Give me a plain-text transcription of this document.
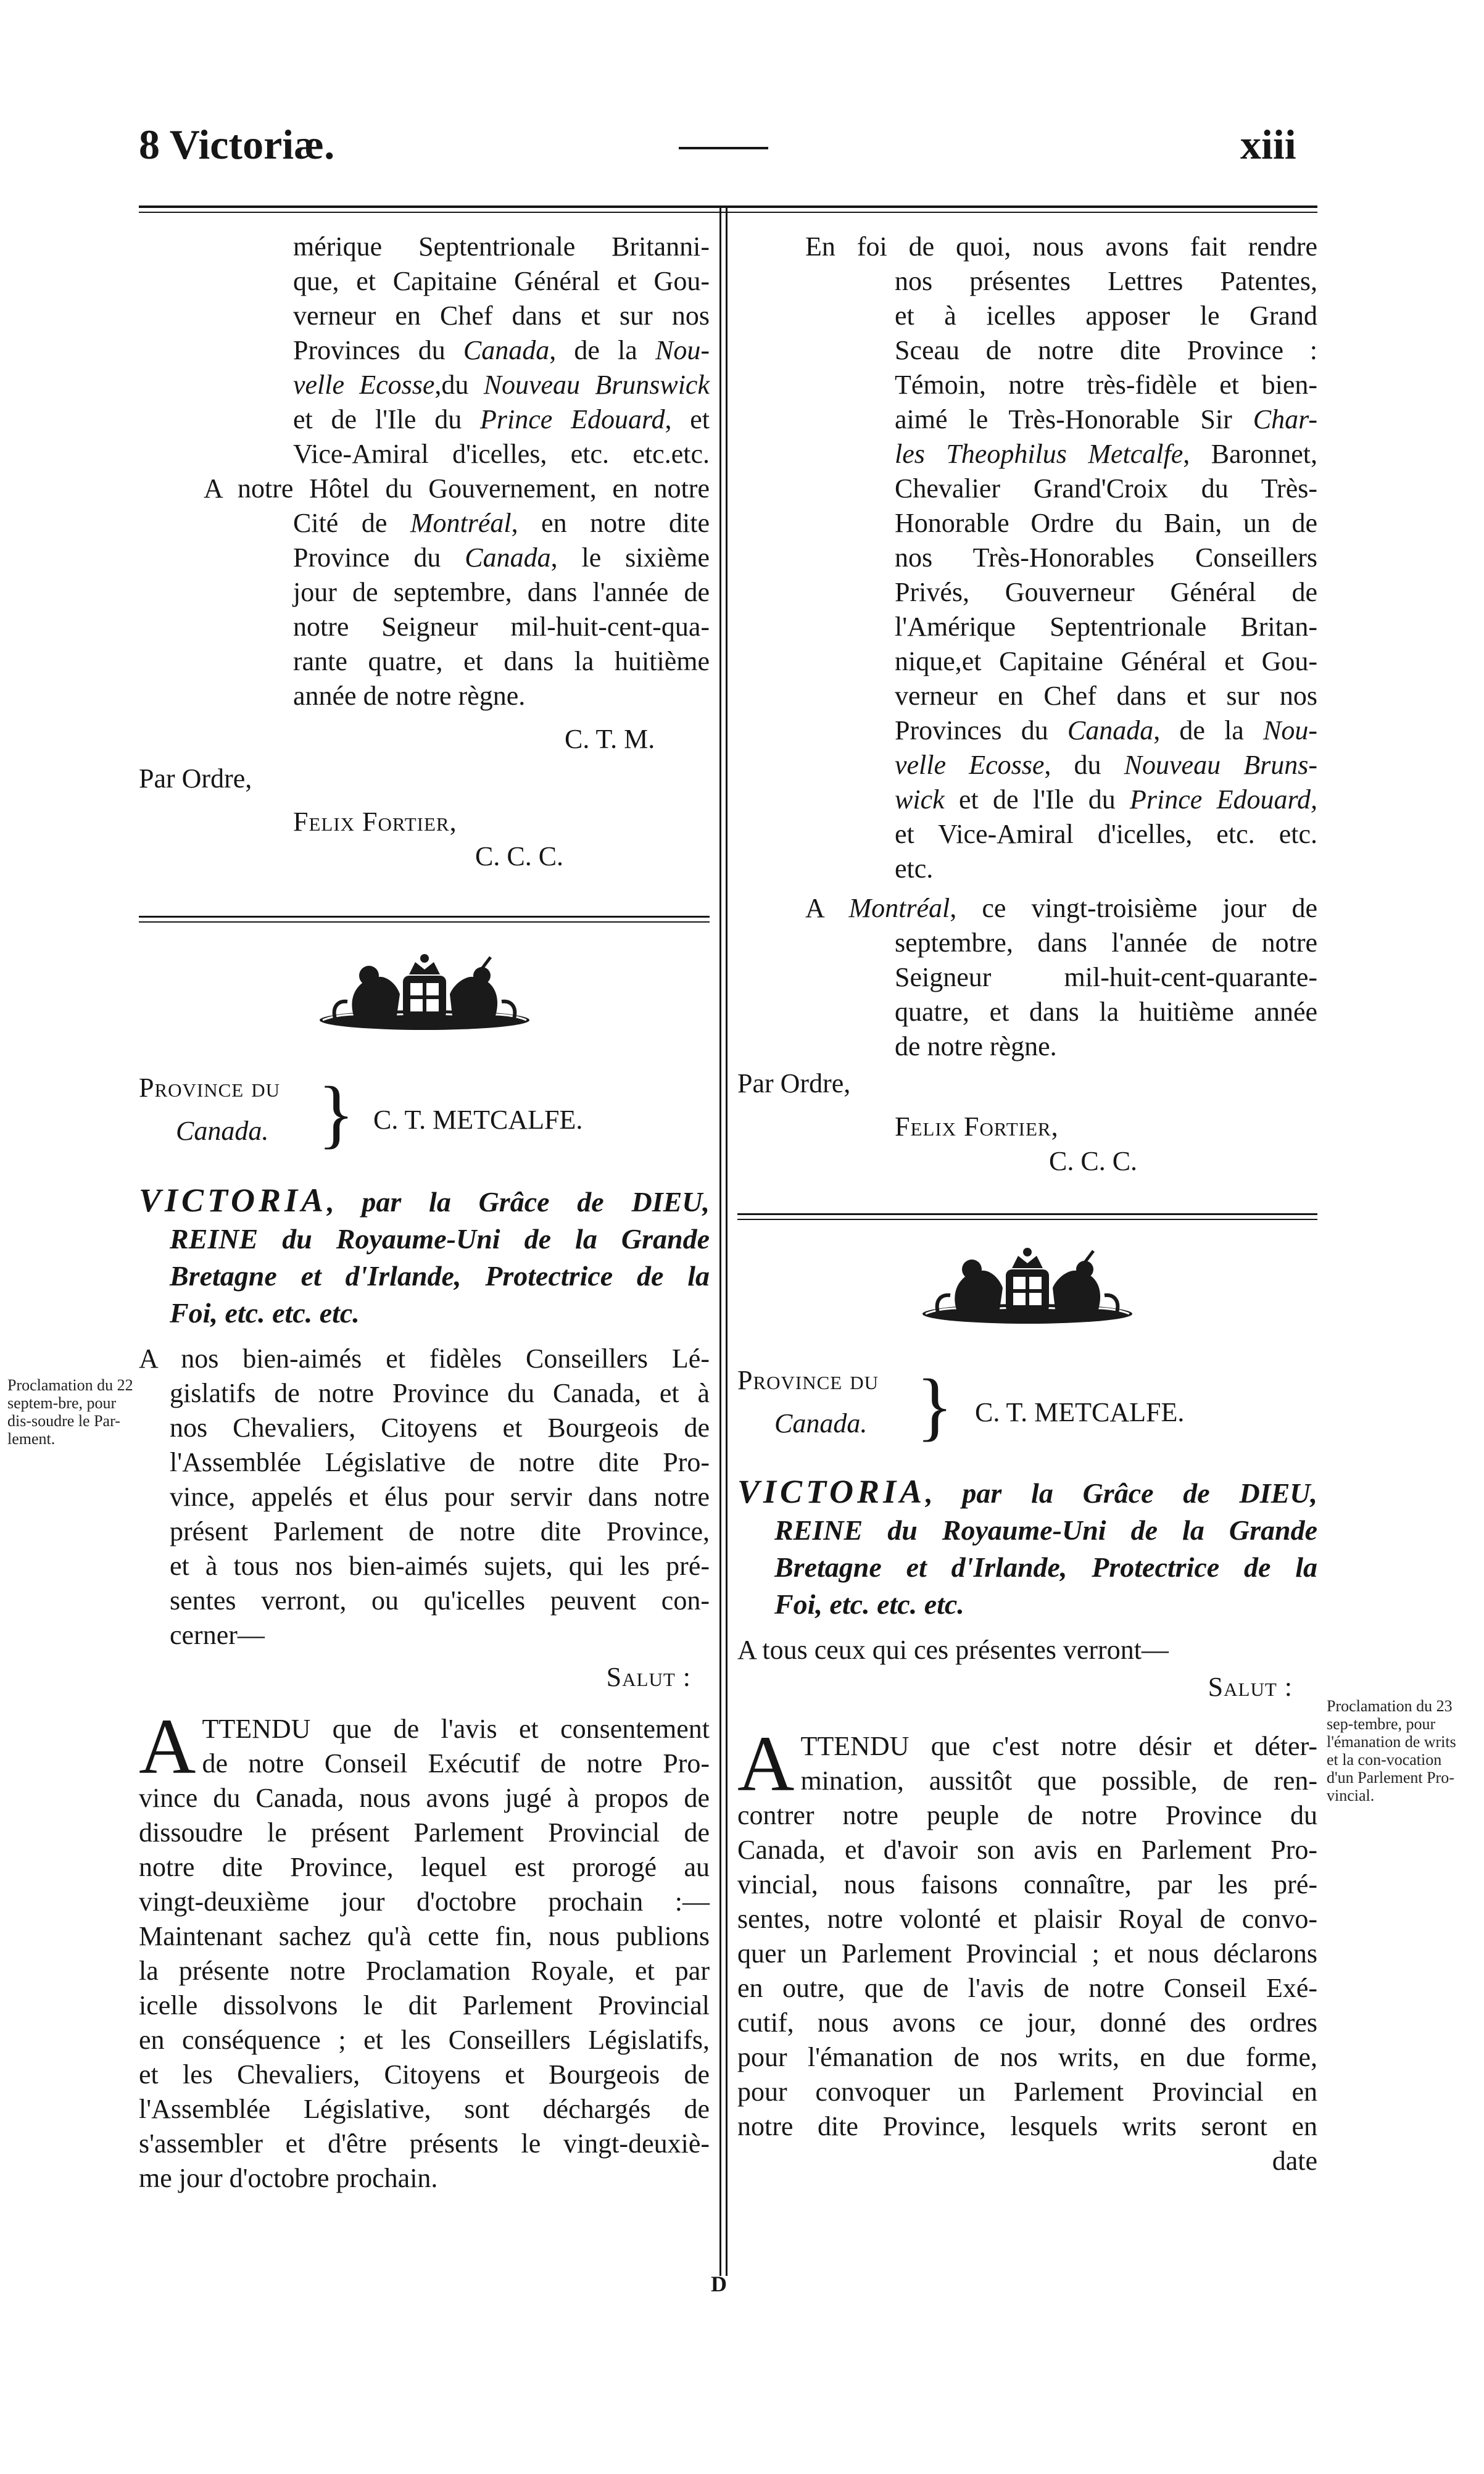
8 Victoriæ.	xiii
mérique Septentrionale Britanni-
que, et Capitaine Général et Gou-
verneur en Chef dans et sur nos
Provinces du Canada, de la Nou-
velle Ecosse,du Nouveau Brunswick
et de l'Ile du Prince Edouard, et
Vice-Amiral d'icelles, etc. etc.etc.
A notre Hôtel du Gouvernement, en notre
Cité de Montréal, en notre dite
Province du Canada, le sixième
jour de septembre, dans l'année de
notre Seigneur mil-huit-cent-qua-
rante quatre, et dans la huitième
année de notre règne.
C. T. M.
Par Ordre,
Felix Fortier,
C. C. C.
Province du
Canada. } C. T. METCALFE.
VICTORIA, par la Grâce de DIEU,
REINE du Royaume-Uni de la Grande
Bretagne et d'Irlande, Protectrice de la
Foi, etc. etc. etc.
A nos bien-aimés et fidèles Conseillers Lé-
gislatifs de notre Province du Canada, et à
nos Chevaliers, Citoyens et Bourgeois de
l'Assemblée Législative de notre dite Pro-
vince, appelés et élus pour servir dans notre
présent Parlement de notre dite Province,
et à tous nos bien-aimés sujets, qui les pré-
sentes verront, ou qu'icelles peuvent con-
cerner—
Salut :
A TTENDU que de l'avis et consentement
de notre Conseil Exécutif de notre Pro-
vince du Canada, nous avons jugé à propos de
dissoudre le présent Parlement Provincial de
notre dite Province, lequel est prorogé au
vingt-deuxième jour d'octobre prochain :—
Maintenant sachez qu'à cette fin, nous publions
la présente notre Proclamation Royale, et par
icelle dissolvons le dit Parlement Provincial
en conséquence ; et les Conseillers Législatifs,
et les Chevaliers, Citoyens et Bourgeois de
l'Assemblée Législative, sont déchargés de
s'assembler et d'être présents le vingt-deuxiè-
me jour d'octobre prochain.
Proclamation du 22 septem-bre, pour dis-soudre le Par-lement.
En foi de quoi, nous avons fait rendre
nos présentes Lettres Patentes,
et à icelles apposer le Grand
Sceau de notre dite Province :
Témoin, notre très-fidèle et bien-
aimé le Très-Honorable Sir Char-
les Theophilus Metcalfe, Baronnet,
Chevalier Grand'Croix du Très-
Honorable Ordre du Bain, un de
nos Très-Honorables Conseillers
Privés, Gouverneur Général de
l'Amérique Septentrionale Britan-
nique,et Capitaine Général et Gou-
verneur en Chef dans et sur nos
Provinces du Canada, de la Nou-
velle Ecosse, du Nouveau Bruns-
wick et de l'Ile du Prince Edouard,
et Vice-Amiral d'icelles, etc. etc.
etc.
A Montréal, ce vingt-troisième jour de
septembre, dans l'année de notre
Seigneur mil-huit-cent-quarante-
quatre, et dans la huitième année
de notre règne.
Par Ordre,
Felix Fortier,
C. C. C.
Province du
Canada. } C. T. METCALFE.
VICTORIA, par la Grâce de DIEU,
REINE du Royaume-Uni de la Grande
Bretagne et d'Irlande, Protectrice de la
Foi, etc. etc. etc.
A tous ceux qui ces présentes verront—
Salut :
A TTENDU que c'est notre désir et déter-
mination, aussitôt que possible, de ren-
contrer notre peuple de notre Province du
Canada, et d'avoir son avis en Parlement Pro-
vincial, nous faisons connaître, par les pré-
sentes, notre volonté et plaisir Royal de convo-
quer un Parlement Provincial ; et nous déclarons
en outre, que de l'avis de notre Conseil Exé-
cutif, nous avons ce jour, donné des ordres
pour l'émanation de nos writs, en due forme,
pour convoquer un Parlement Provincial en
notre dite Province, lesquels writs seront en
date
Proclamation du 23 sep-tembre, pour l'émanation de writs et la con-vocation d'un Parlement Pro-vincial.
D
